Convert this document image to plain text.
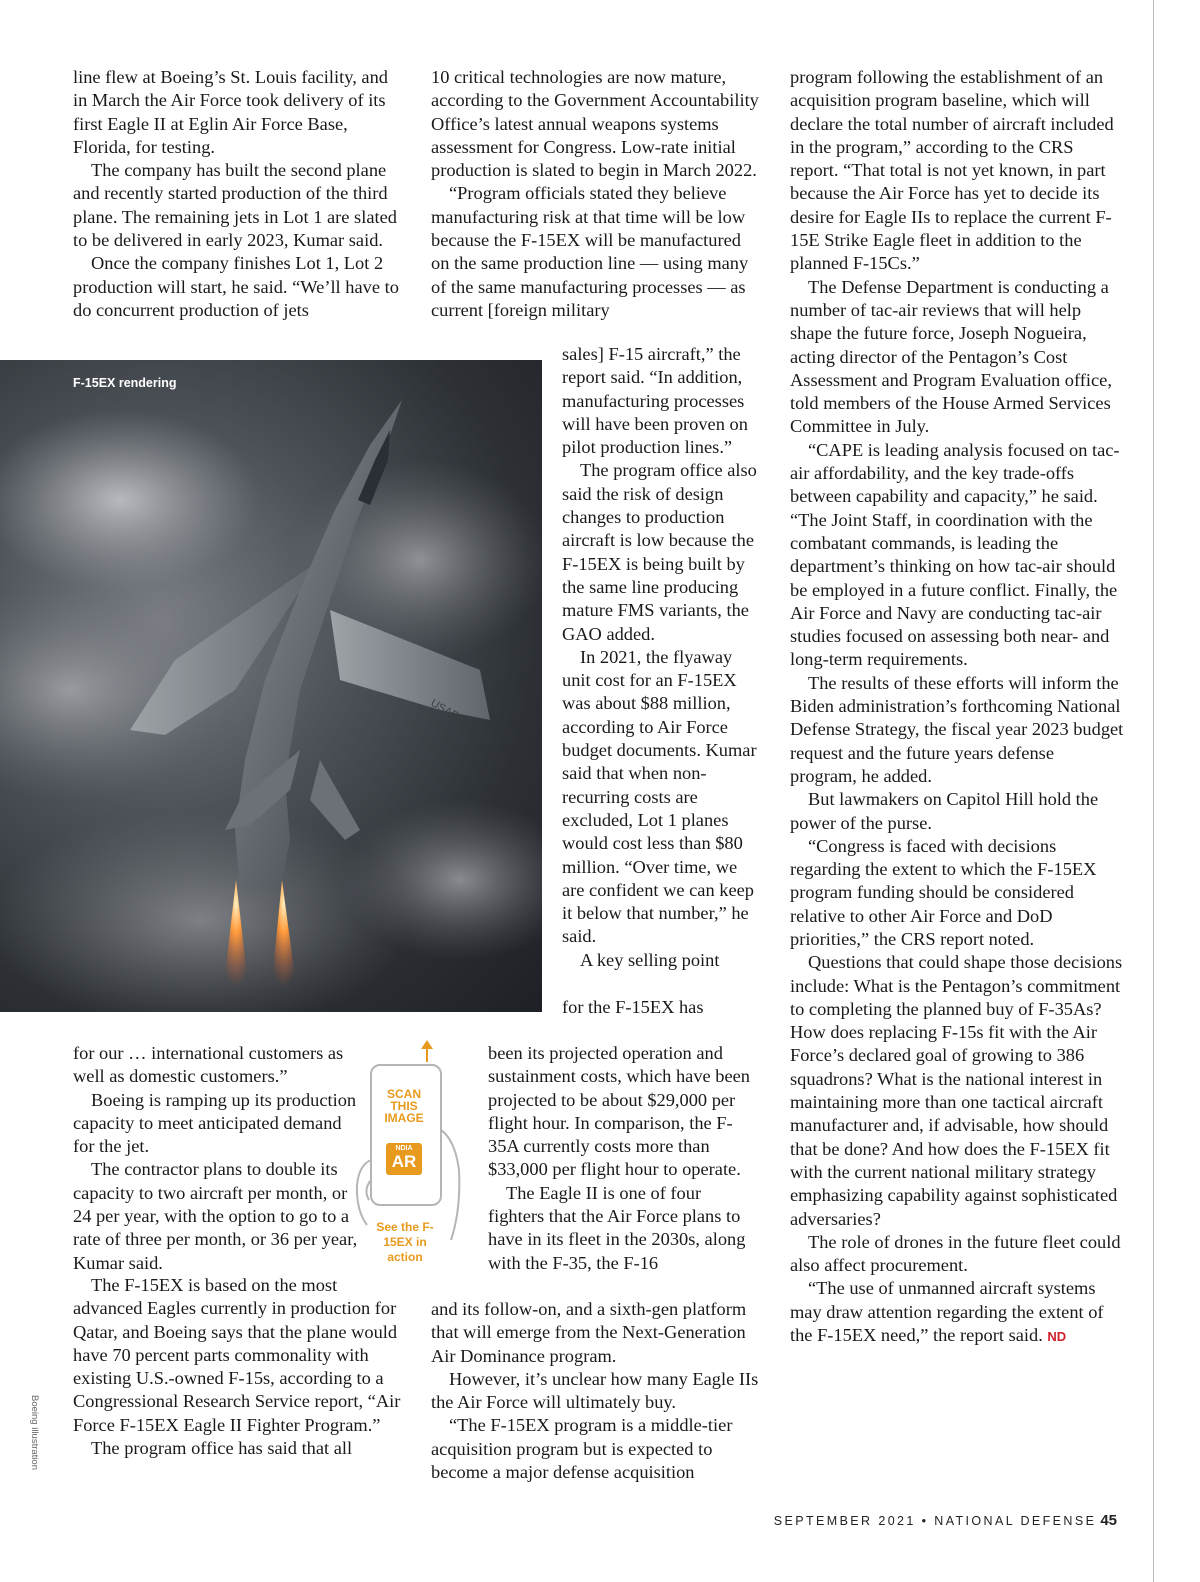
line flew at Boeing’s St. Louis facility, and in March the Air Force took delivery of its first Eagle II at Eglin Air Force Base, Florida, for testing.

The company has built the second plane and recently started production of the third plane. The remaining jets in Lot 1 are slated to be delivered in early 2023, Kumar said.

Once the company finishes Lot 1, Lot 2 production will start, he said. “We’ll have to do concurrent production of jets

USAF
F-15EX rendering

for our … international customers as well as domestic customers.”

Boeing is ramping up its production capacity to meet anticipated demand for the jet.

The contractor plans to double its capacity to two aircraft per month, or 24 per year, with the option to go to a rate of three per month, or 36 per year, Kumar said.

The F-15EX is based on the most advanced Eagles currently in production for Qatar, and Boeing says that the plane would have 70 percent parts commonality with existing U.S.-owned F-15s, according to a Congressional Research Service report, “Air Force F-15EX Eagle II Fighter Program.”

The program office has said that all

SCAN THIS IMAGE
NDIA
AR
See the F-15EX in action

10 critical technologies are now mature, according to the Government Accountability Office’s latest annual weapons systems assessment for Congress. Low-rate initial production is slated to begin in March 2022.

“Program officials stated they believe manufacturing risk at that time will be low because the F-15EX will be manufactured on the same production line — using many of the same manufacturing processes — as current [foreign military

sales] F-15 aircraft,” the report said. “In addition, manufacturing processes will have been proven on pilot production lines.”

The program office also said the risk of design changes to production aircraft is low because the F-15EX is being built by the same line producing mature FMS variants, the GAO added.

In 2021, the flyaway unit cost for an F-15EX was about $88 million, according to Air Force budget documents. Kumar said that when non-recurring costs are excluded, Lot 1 planes would cost less than $80 million. “Over time, we are confident we can keep it below that number,” he said.

A key selling point

for the F-15EX has

been its projected operation and sustainment costs, which have been projected to be about $29,000 per flight hour. In comparison, the F-35A currently costs more than $33,000 per flight hour to operate.

The Eagle II is one of four fighters that the Air Force plans to have in its fleet in the 2030s, along with the F-35, the F-16

and its follow-on, and a sixth-gen platform that will emerge from the Next-Generation Air Dominance program.

However, it’s unclear how many Eagle IIs the Air Force will ultimately buy.

“The F-15EX program is a middle-tier acquisition program but is expected to become a major defense acquisition

program following the establishment of an acquisition program baseline, which will declare the total number of aircraft included in the program,” according to the CRS report. “That total is not yet known, in part because the Air Force has yet to decide its desire for Eagle IIs to replace the current F-15E Strike Eagle fleet in addition to the planned F-15Cs.”

The Defense Department is conducting a number of tac-air reviews that will help shape the future force, Joseph Nogueira, acting director of the Pentagon’s Cost Assessment and Program Evaluation office, told members of the House Armed Services Committee in July.

“CAPE is leading analysis focused on tac-air affordability, and the key trade-offs between capability and capacity,” he said. “The Joint Staff, in coordination with the combatant commands, is leading the department’s thinking on how tac-air should be employed in a future conflict. Finally, the Air Force and Navy are conducting tac-air studies focused on assessing both near- and long-term requirements.

The results of these efforts will inform the Biden administration’s forthcoming National Defense Strategy, the fiscal year 2023 budget request and the future years defense program, he added.

But lawmakers on Capitol Hill hold the power of the purse.

“Congress is faced with decisions regarding the extent to which the F-15EX program funding should be considered relative to other Air Force and DoD priorities,” the CRS report noted.

Questions that could shape those decisions include: What is the Pentagon’s commitment to completing the planned buy of F-35As? How does replacing F-15s fit with the Air Force’s declared goal of growing to 386 squadrons? What is the national interest in maintaining more than one tactical aircraft manufacturer and, if advisable, how should that be done? And how does the F-15EX fit with the current national military strategy emphasizing capability against sophisticated adversaries?

The role of drones in the future fleet could also affect procurement.

“The use of unmanned aircraft systems may draw attention regarding the extent of the F-15EX need,” the report said. ND

Boeing illustration
SEPTEMBER 2021 • NATIONAL DEFENSE 45
